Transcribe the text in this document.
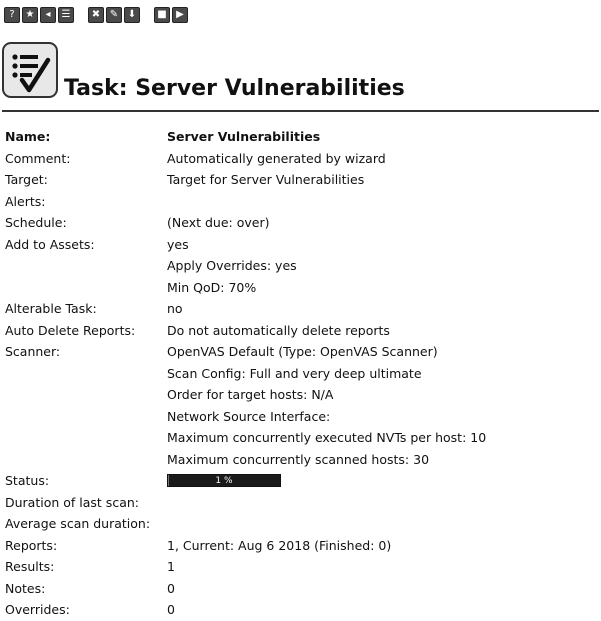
?	★	◂	☰	✖ ✎ ⬇	■ ▶
Task: Server Vulnerabilities
Name:	Server Vulnerabilities
Comment:	Automatically generated by wizard
Target:	Target for Server Vulnerabilities
Alerts:
Schedule:	(Next due: over)
Add to Assets:	yes
Apply Overrides: yes
Min QoD: 70%
Alterable Task:	no
Auto Delete Reports:	Do not automatically delete reports
Scanner:	OpenVAS Default (Type: OpenVAS Scanner)
Scan Config: Full and very deep ultimate
Order for target hosts: N/A
Network Source Interface:
Maximum concurrently executed NVTs per host: 10
Maximum concurrently scanned hosts: 30
Status:	1 %
Duration of last scan:
Average scan duration:
Reports:	1, Current: Aug 6 2018 (Finished: 0)
Results:	1
Notes:	0
Overrides:	0
